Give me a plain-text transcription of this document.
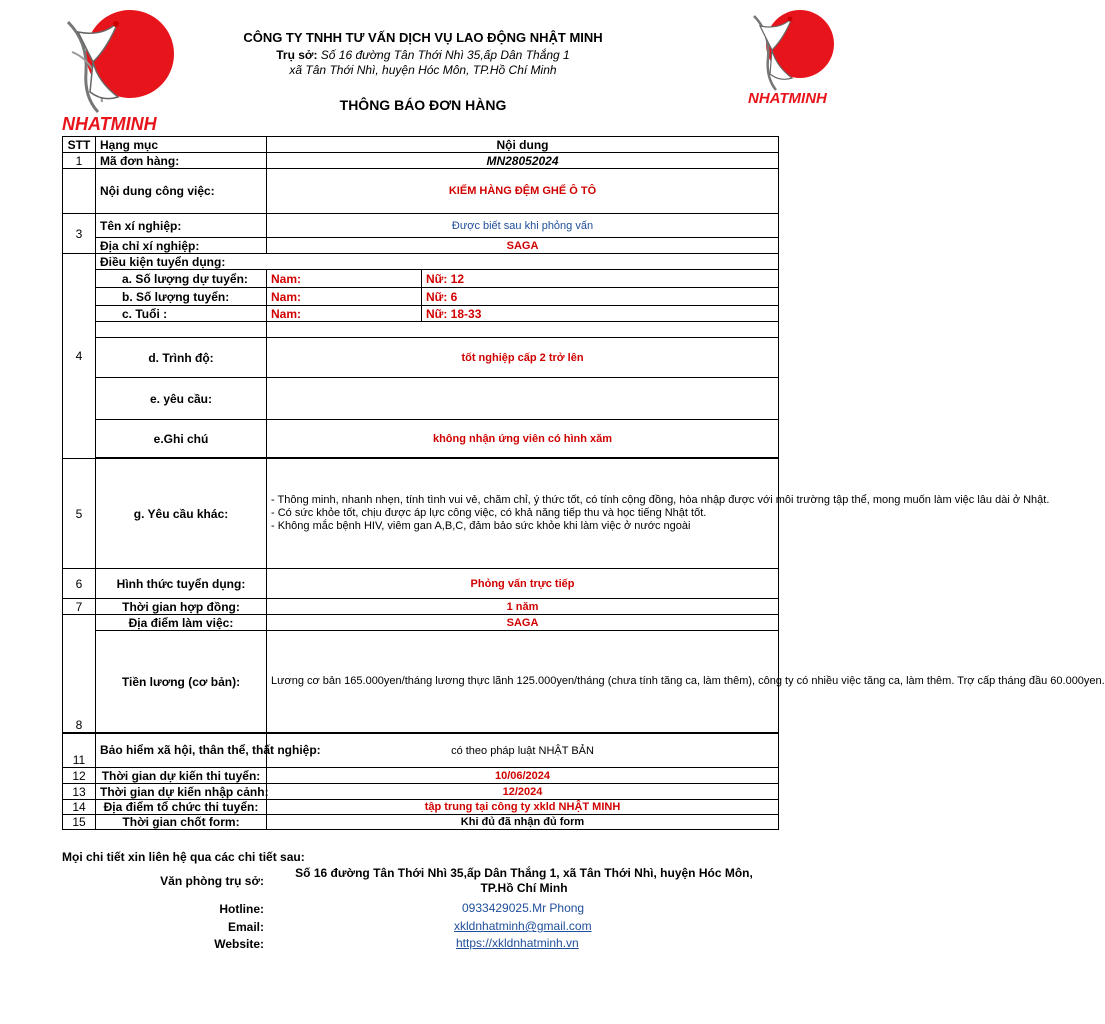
NHATMINH
NHATMINH
CÔNG TY TNHH TƯ VẤN DỊCH VỤ LAO ĐỘNG NHẬT MINH
Trụ sở: Số 16 đường Tân Thới Nhì 35,ấp Dân Thắng 1
xã Tân Thới Nhì, huyện Hóc Môn, TP.Hồ Chí Minh
THÔNG BÁO ĐƠN HÀNG
STT	Hạng mục	Nội dung	
1	Mã đơn hàng:	MN28052024	
	Nội dung công việc:	KIẾM HÀNG ĐỆM GHẾ Ô TÔ	
3	Tên xí nghiệp:	Được biết sau khi phỏng vấn	
	Địa chỉ xí nghiệp:	SAGA	
4	Điều kiện tuyển dụng:		
	a. Số lượng dự tuyển:	Nam:	Nữ: 12
	b. Số lượng tuyển:	Nam:	Nữ: 6
	c. Tuổi :	Nam:	Nữ: 18-33

	d. Trình độ:	tốt nghiệp cấp 2 trở lên	
	e. yêu cầu:		
	e.Ghi chú	không nhận ứng viên có hình xăm	

5	g. Yêu cầu khác:	- Thông minh, nhanh nhẹn, tính tình vui vẻ, chăm chỉ, ý thức tốt, có tính cộng đồng, hòa nhập được với môi trường tập thể, mong muốn làm việc lâu dài ở Nhật.
- Có sức khỏe tốt, chịu được áp lực công việc, có khả năng tiếp thu và học tiếng Nhật tốt.
- Không mắc bệnh HIV, viêm gan A,B,C, đảm bảo sức khỏe khi làm việc ở nước ngoài	

6	Hình thức tuyển dụng:	Phỏng vấn trực tiếp	
7	Thời gian hợp đồng:	1 năm	
8	Địa điểm làm việc:	SAGA	
	Tiền lương (cơ bản):	Lương cơ bản 165.000yen/tháng lương thực lãnh 125.000yen/tháng (chưa tính tăng ca, làm thêm), công ty có nhiều việc tăng ca, làm thêm. Trợ cấp tháng đầu 60.000yen.	

11	Bảo hiểm xã hội, thân thể, thất nghiệp:	có theo pháp luật NHẬT BẢN	
12	Thời gian dự kiến thi tuyển:	10/06/2024	
13	Thời gian dự kiến nhập cảnh:	12/2024	
14	Địa điểm tổ chức thi tuyển:	tập trung tại công ty xkld NHẬT MINH	
15	Thời gian chốt form:	Khi đủ đã nhận đủ form	
Mọi chi tiết xin liên hệ qua các chi tiết sau:
Văn phòng trụ sở:
Số 16 đường Tân Thới Nhì 35,ấp Dân Thắng 1, xã Tân Thới Nhì, huyện Hóc Môn, TP.Hồ Chí Minh
Hotline:	0933429025.Mr Phong
Email:	xkldnhatminh@gmail.com
Website:	https://xkldnhatminh.vn
